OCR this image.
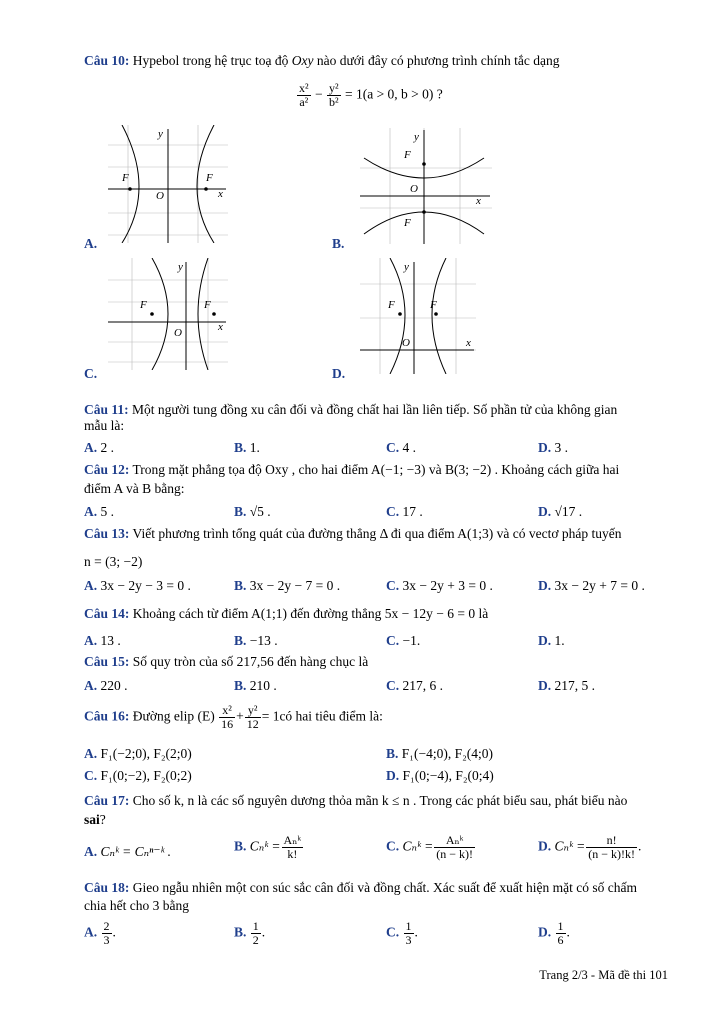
Câu 10: Hypebol trong hệ trục toạ độ Oxy nào dưới đây có phương trình chính tắc dạng
$\frac{\text{x²}}{\text{a²}} - \frac{\text{y²}}{\text{b²}} = 1(a > 0$, b > 0) ?
A.
F	F
O	x
y
B.
F
F
O
x
y
C.
F	F
O	x
y
D.
F	F
O	x
y
Câu 11: Một người tung đồng xu cân đối và đồng chất hai lần liên tiếp. Số phần tử của không gian
mẫu là:
A. 2 .	B. 1.	C. 4 .	D. 3 .
Câu 12: Trong mặt phẳng tọa độ Oxy , cho hai điểm A(−1; −3) và B(3; −2) . Khoảng cách giữa hai
điểm A và B bằng:
A. 5 .	B. √5 .	C. 17 .	D. √17 .
Câu 13: Viết phương trình tổng quát của đường thẳng Δ đi qua điểm A(1;3) và có vectơ pháp tuyến
n = (3; −2)
A. 3x − 2y − 3 = 0 .	B. 3x − 2y − 7 = 0 .	C. 3x − 2y + 3 = 0 .	D. 3x − 2y + 7 = 0 .
Câu 14: Khoảng cách từ điểm A(1;1) đến đường thẳng 5x − 12y − 6 = 0 là
A. 13 .	B. −13 .	C. −1.	D. 1.
Câu 15: Số quy tròn của số 217,56 đến hàng chục là
A. 220 .	B. 210 .	C. 217, 6 .	D. 217, 5 .
Câu 16: Đường elip $(E) \frac{\text{x²}}{16} + \frac{\text{y²}}{12}$ = 1có hai tiêu điểm là:
A. F₁(−2;0), F₂(2;0)	B. F₁(−4;0), F₂(4;0)
C. F₁(0;−2), F₂(0;2)	D. F₁(0;−4), F₂(0;4)
Câu 17: Cho số k, n là các số nguyên dương thỏa mãn k ≤ n . Trong các phát biểu sau, phát biểu nào
sai?
A. Cₙᵏ = Cₙⁿ⁻ᵏ .	B. Cₙᵏ = $\frac{\text{Aₙᵏ}}{k!}$	C. Cₙᵏ = $\frac{\text{Aₙᵏ}}{(n - k)!}$	D. Cₙᵏ = $\frac{n!}{(n - k)!k!}$ .
Câu 18: Gieo ngẫu nhiên một con súc sắc cân đối và đồng chất. Xác suất để xuất hiện mặt có số chấm
chia hết cho 3 bằng
A. $\frac{2}{3}$ .	B. $\frac{1}{2}$ .	C. $\frac{1}{3}$ .	D. $\frac{1}{6}$ .
Trang 2/3 - Mã đề thi 101
